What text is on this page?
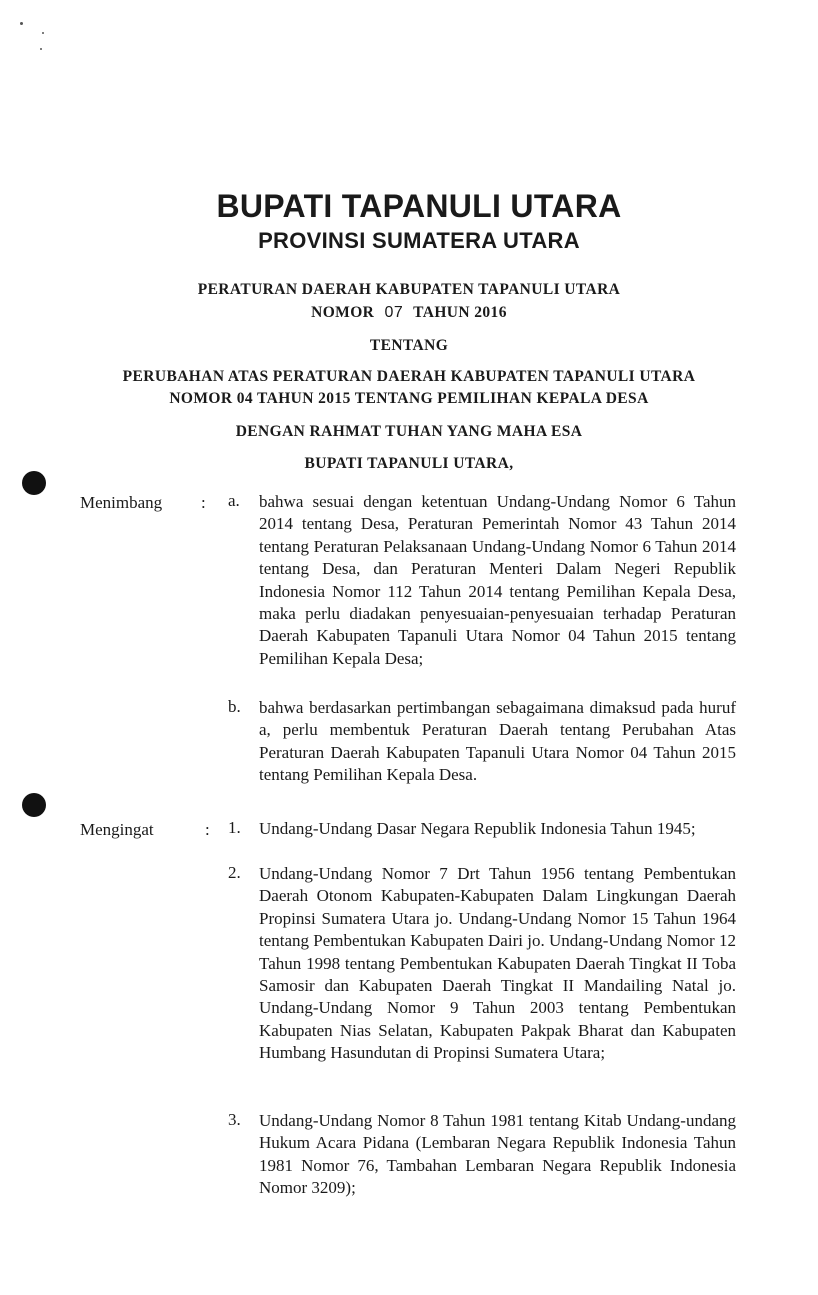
BUPATI TAPANULI UTARA
PROVINSI SUMATERA UTARA
PERATURAN DAERAH KABUPATEN TAPANULI UTARA
NOMOR 07 TAHUN 2016
TENTANG
PERUBAHAN ATAS PERATURAN DAERAH KABUPATEN TAPANULI UTARA
NOMOR 04 TAHUN 2015 TENTANG PEMILIHAN KEPALA DESA
DENGAN RAHMAT TUHAN YANG MAHA ESA
BUPATI TAPANULI UTARA,
Menimbang : a.	bahwa sesuai dengan ketentuan Undang-Undang Nomor 6 Tahun 2014 tentang Desa, Peraturan Pemerintah Nomor 43 Tahun 2014 tentang Peraturan Pelaksanaan Undang-Undang Nomor 6 Tahun 2014 tentang Desa, dan Peraturan Menteri Dalam Negeri Republik Indonesia Nomor 112 Tahun 2014 tentang Pemilihan Kepala Desa, maka perlu diadakan penyesuaian-penyesuaian terhadap Peraturan Daerah Kabupaten Tapanuli Utara Nomor 04 Tahun 2015 tentang Pemilihan Kepala Desa;
b.	bahwa berdasarkan pertimbangan sebagaimana dimaksud pada huruf a, perlu membentuk Peraturan Daerah tentang Perubahan Atas Peraturan Daerah Kabupaten Tapanuli Utara Nomor 04 Tahun 2015 tentang Pemilihan Kepala Desa.
Mengingat	: 1.	Undang-Undang Dasar Negara Republik Indonesia Tahun 1945;
2.	Undang-Undang Nomor 7 Drt Tahun 1956 tentang Pembentukan Daerah Otonom Kabupaten-Kabupaten Dalam Lingkungan Daerah Propinsi Sumatera Utara jo. Undang-Undang Nomor 15 Tahun 1964 tentang Pembentukan Kabupaten Dairi jo. Undang-Undang Nomor 12 Tahun 1998 tentang Pembentukan Kabupaten Daerah Tingkat II Toba Samosir dan Kabupaten Daerah Tingkat II Mandailing Natal jo. Undang-Undang Nomor 9 Tahun 2003 tentang Pembentukan Kabupaten Nias Selatan, Kabupaten Pakpak Bharat dan Kabupaten Humbang Hasundutan di Propinsi Sumatera Utara;
3.	Undang-Undang Nomor 8 Tahun 1981 tentang Kitab Undang-undang Hukum Acara Pidana (Lembaran Negara Republik Indonesia Tahun 1981 Nomor 76, Tambahan Lembaran Negara Republik Indonesia Nomor 3209);
